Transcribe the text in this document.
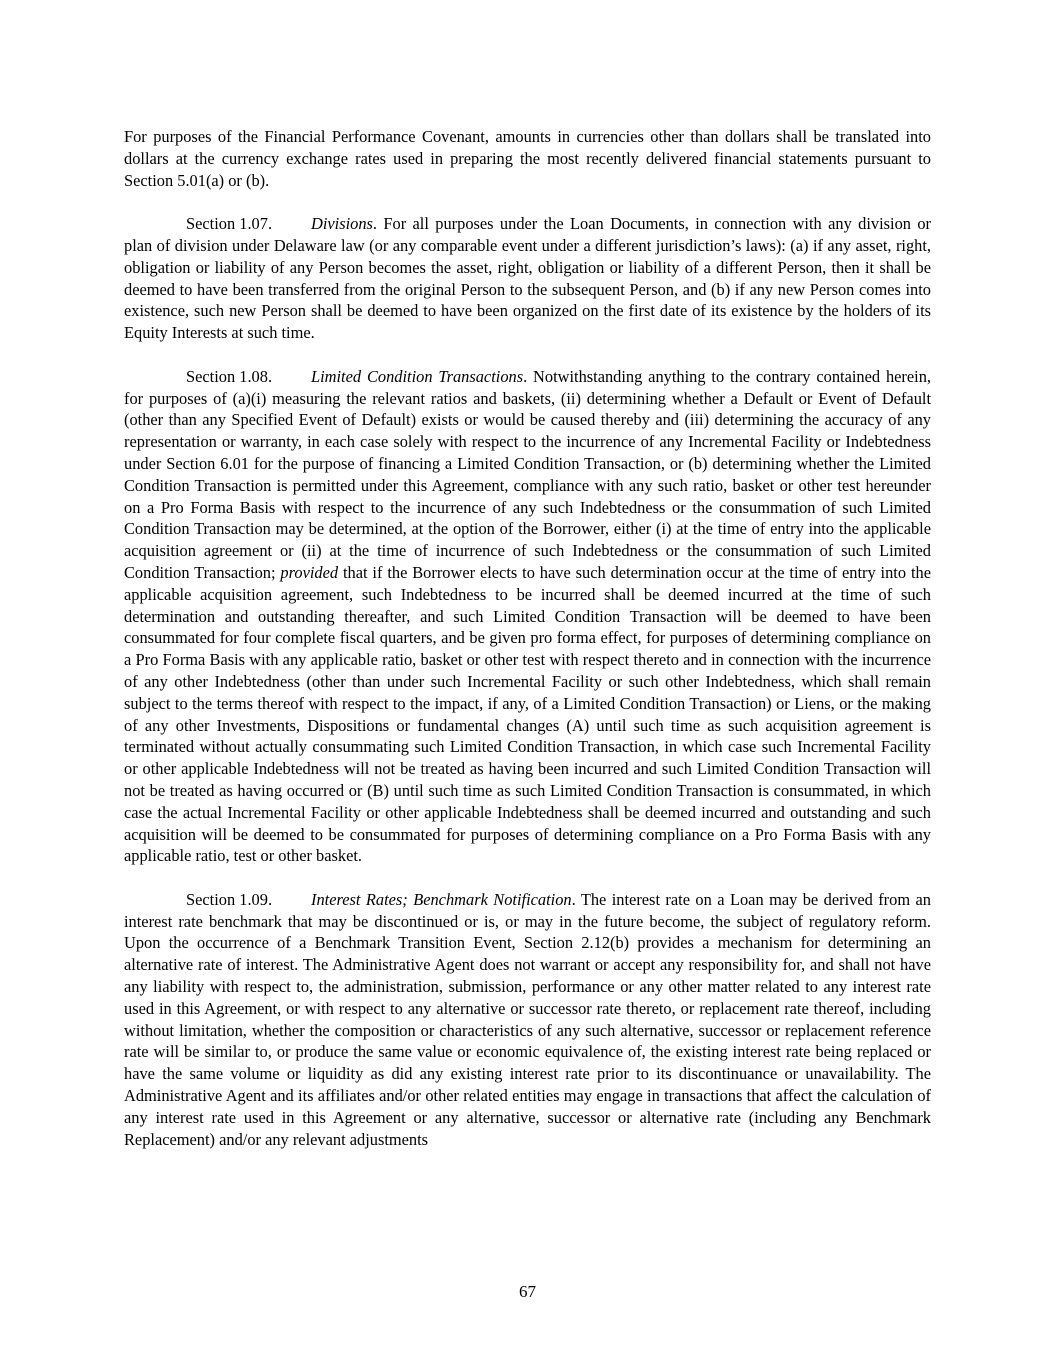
For purposes of the Financial Performance Covenant, amounts in currencies other than dollars shall be translated into dollars at the currency exchange rates used in preparing the most recently delivered financial statements pursuant to Section 5.01(a) or (b).

Section 1.07. Divisions. For all purposes under the Loan Documents, in connection with any division or plan of division under Delaware law (or any comparable event under a different jurisdiction’s laws): (a) if any asset, right, obligation or liability of any Person becomes the asset, right, obligation or liability of a different Person, then it shall be deemed to have been transferred from the original Person to the subsequent Person, and (b) if any new Person comes into existence, such new Person shall be deemed to have been organized on the first date of its existence by the holders of its Equity Interests at such time.

Section 1.08. Limited Condition Transactions. Notwithstanding anything to the contrary contained herein, for purposes of (a)(i) measuring the relevant ratios and baskets, (ii) determining whether a Default or Event of Default (other than any Specified Event of Default) exists or would be caused thereby and (iii) determining the accuracy of any representation or warranty, in each case solely with respect to the incurrence of any Incremental Facility or Indebtedness under Section 6.01 for the purpose of financing a Limited Condition Transaction, or (b) determining whether the Limited Condition Transaction is permitted under this Agreement, compliance with any such ratio, basket or other test hereunder on a Pro Forma Basis with respect to the incurrence of any such Indebtedness or the consummation of such Limited Condition Transaction may be determined, at the option of the Borrower, either (i) at the time of entry into the applicable acquisition agreement or (ii) at the time of incurrence of such Indebtedness or the consummation of such Limited Condition Transaction; provided that if the Borrower elects to have such determination occur at the time of entry into the applicable acquisition agreement, such Indebtedness to be incurred shall be deemed incurred at the time of such determination and outstanding thereafter, and such Limited Condition Transaction will be deemed to have been consummated for four complete fiscal quarters, and be given pro forma effect, for purposes of determining compliance on a Pro Forma Basis with any applicable ratio, basket or other test with respect thereto and in connection with the incurrence of any other Indebtedness (other than under such Incremental Facility or such other Indebtedness, which shall remain subject to the terms thereof with respect to the impact, if any, of a Limited Condition Transaction) or Liens, or the making of any other Investments, Dispositions or fundamental changes (A) until such time as such acquisition agreement is terminated without actually consummating such Limited Condition Transaction, in which case such Incremental Facility or other applicable Indebtedness will not be treated as having been incurred and such Limited Condition Transaction will not be treated as having occurred or (B) until such time as such Limited Condition Transaction is consummated, in which case the actual Incremental Facility or other applicable Indebtedness shall be deemed incurred and outstanding and such acquisition will be deemed to be consummated for purposes of determining compliance on a Pro Forma Basis with any applicable ratio, test or other basket.

Section 1.09. Interest Rates; Benchmark Notification. The interest rate on a Loan may be derived from an interest rate benchmark that may be discontinued or is, or may in the future become, the subject of regulatory reform. Upon the occurrence of a Benchmark Transition Event, Section 2.12(b) provides a mechanism for determining an alternative rate of interest. The Administrative Agent does not warrant or accept any responsibility for, and shall not have any liability with respect to, the administration, submission, performance or any other matter related to any interest rate used in this Agreement, or with respect to any alternative or successor rate thereto, or replacement rate thereof, including without limitation, whether the composition or characteristics of any such alternative, successor or replacement reference rate will be similar to, or produce the same value or economic equivalence of, the existing interest rate being replaced or have the same volume or liquidity as did any existing interest rate prior to its discontinuance or unavailability. The Administrative Agent and its affiliates and/or other related entities may engage in transactions that affect the calculation of any interest rate used in this Agreement or any alternative, successor or alternative rate (including any Benchmark Replacement) and/or any relevant adjustments

67
